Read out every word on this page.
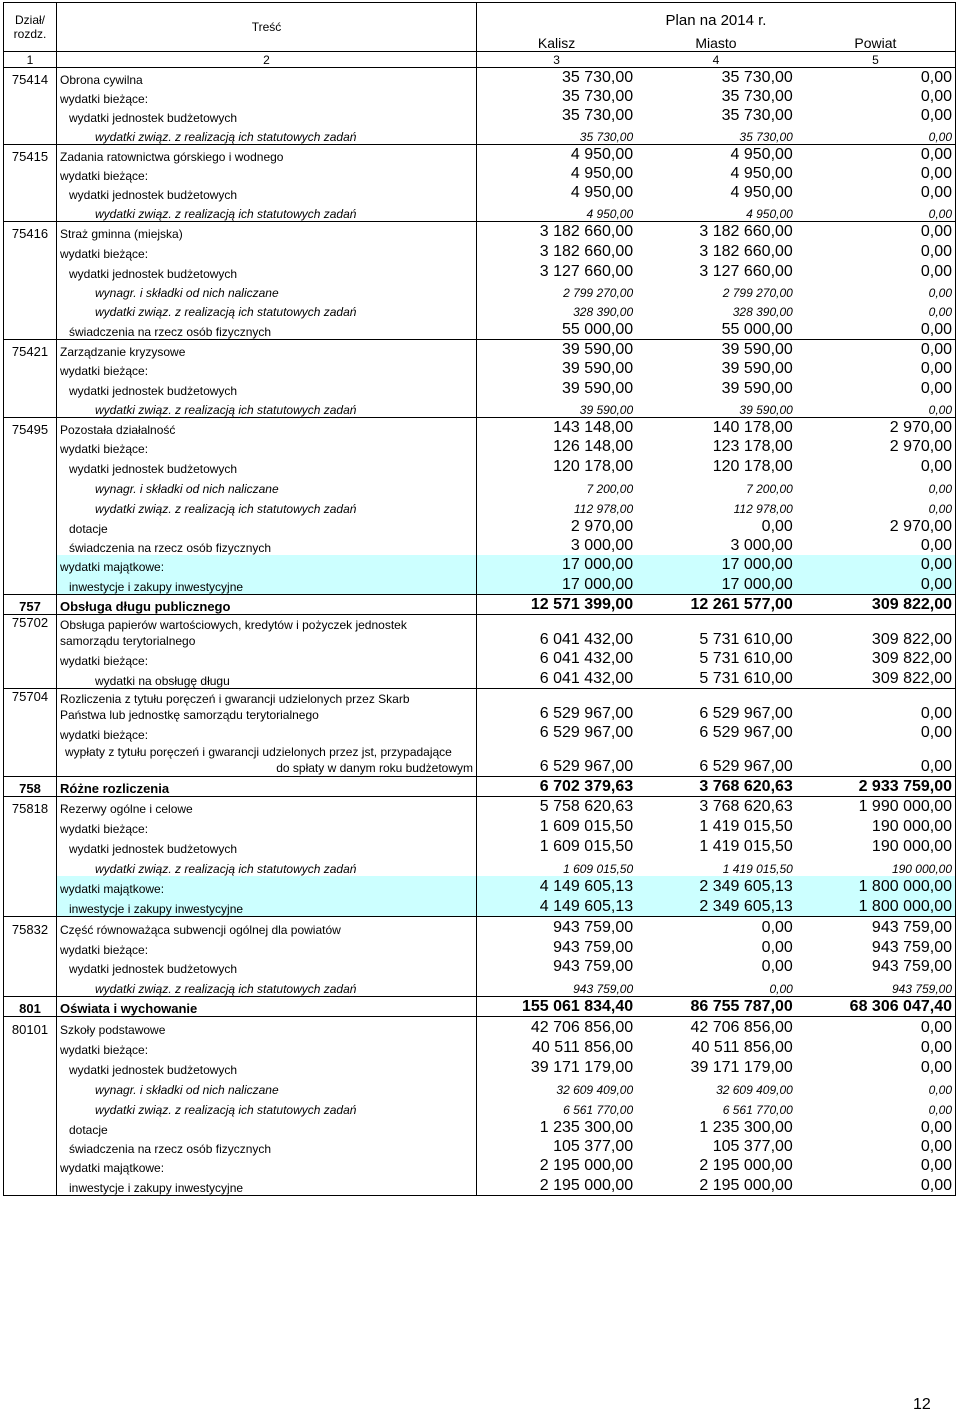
Dział/
rozdz.	Treść	Plan na 2014 r.		
		Kalisz	Miasto	Powiat
1	2	3	4	5
75414	Obrona cywilna	35 730,00	35 730,00	0,00
	wydatki bieżące:	35 730,00	35 730,00	0,00
	wydatki jednostek budżetowych	35 730,00	35 730,00	0,00
	wydatki związ. z realizacją ich statutowych zadań	35 730,00	35 730,00	0,00
75415	Zadania ratownictwa górskiego i wodnego	4 950,00	4 950,00	0,00
	wydatki bieżące:	4 950,00	4 950,00	0,00
	wydatki jednostek budżetowych	4 950,00	4 950,00	0,00
	wydatki związ. z realizacją ich statutowych zadań	4 950,00	4 950,00	0,00
75416	Straż gminna (miejska)	3 182 660,00	3 182 660,00	0,00
	wydatki bieżące:	3 182 660,00	3 182 660,00	0,00
	wydatki jednostek budżetowych	3 127 660,00	3 127 660,00	0,00
	wynagr. i składki od nich naliczane	2 799 270,00	2 799 270,00	0,00
	wydatki związ. z realizacją ich statutowych zadań	328 390,00	328 390,00	0,00
	świadczenia na rzecz osób fizycznych	55 000,00	55 000,00	0,00
75421	Zarządzanie kryzysowe	39 590,00	39 590,00	0,00
	wydatki bieżące:	39 590,00	39 590,00	0,00
	wydatki jednostek budżetowych	39 590,00	39 590,00	0,00
	wydatki związ. z realizacją ich statutowych zadań	39 590,00	39 590,00	0,00
75495	Pozostała działalność	143 148,00	140 178,00	2 970,00
	wydatki bieżące:	126 148,00	123 178,00	2 970,00
	wydatki jednostek budżetowych	120 178,00	120 178,00	0,00
	wynagr. i składki od nich naliczane	7 200,00	7 200,00	0,00
	wydatki związ. z realizacją ich statutowych zadań	112 978,00	112 978,00	0,00
	dotacje	2 970,00	0,00	2 970,00
	świadczenia na rzecz osób fizycznych	3 000,00	3 000,00	0,00
	wydatki majątkowe:	17 000,00	17 000,00	0,00
	inwestycje i zakupy inwestycyjne	17 000,00	17 000,00	0,00
757	Obsługa długu publicznego	12 571 399,00	12 261 577,00	309 822,00
75702	Obsługa papierów wartościowych, kredytów i pożyczek jednostek
samorządu terytorialnego	6 041 432,00	5 731 610,00	309 822,00
	wydatki bieżące:	6 041 432,00	5 731 610,00	309 822,00
	wydatki na obsługę długu	6 041 432,00	5 731 610,00	309 822,00
75704	Rozliczenia z tytułu poręczeń i gwarancji udzielonych przez Skarb
Państwa lub jednostkę samorządu terytorialnego	6 529 967,00	6 529 967,00	0,00
	wydatki bieżące:	6 529 967,00	6 529 967,00	0,00

	wypłaty z tytułu poręczeń i gwarancji udzielonych przez jst, przypadające
do spłaty w danym roku budżetowym	6 529 967,00	6 529 967,00	0,00
758	Różne rozliczenia	6 702 379,63	3 768 620,63	2 933 759,00
75818	Rezerwy ogólne i celowe	5 758 620,63	3 768 620,63	1 990 000,00
	wydatki bieżące:	1 609 015,50	1 419 015,50	190 000,00
	wydatki jednostek budżetowych	1 609 015,50	1 419 015,50	190 000,00
	wydatki związ. z realizacją ich statutowych zadań	1 609 015,50	1 419 015,50	190 000,00
	wydatki majątkowe:	4 149 605,13	2 349 605,13	1 800 000,00
	inwestycje i zakupy inwestycyjne	4 149 605,13	2 349 605,13	1 800 000,00
75832	Część równoważąca subwencji ogólnej dla powiatów	943 759,00	0,00	943 759,00
	wydatki bieżące:	943 759,00	0,00	943 759,00
	wydatki jednostek budżetowych	943 759,00	0,00	943 759,00
	wydatki związ. z realizacją ich statutowych zadań	943 759,00	0,00	943 759,00
801	Oświata i wychowanie	155 061 834,40	86 755 787,00	68 306 047,40
80101	Szkoły podstawowe	42 706 856,00	42 706 856,00	0,00
	wydatki bieżące:	40 511 856,00	40 511 856,00	0,00
	wydatki jednostek budżetowych	39 171 179,00	39 171 179,00	0,00
	wynagr. i składki od nich naliczane	32 609 409,00	32 609 409,00	0,00
	wydatki związ. z realizacją ich statutowych zadań	6 561 770,00	6 561 770,00	0,00
	dotacje	1 235 300,00	1 235 300,00	0,00
	świadczenia na rzecz osób fizycznych	105 377,00	105 377,00	0,00
	wydatki majątkowe:	2 195 000,00	2 195 000,00	0,00
	inwestycje i zakupy inwestycyjne	2 195 000,00	2 195 000,00	0,00
12
